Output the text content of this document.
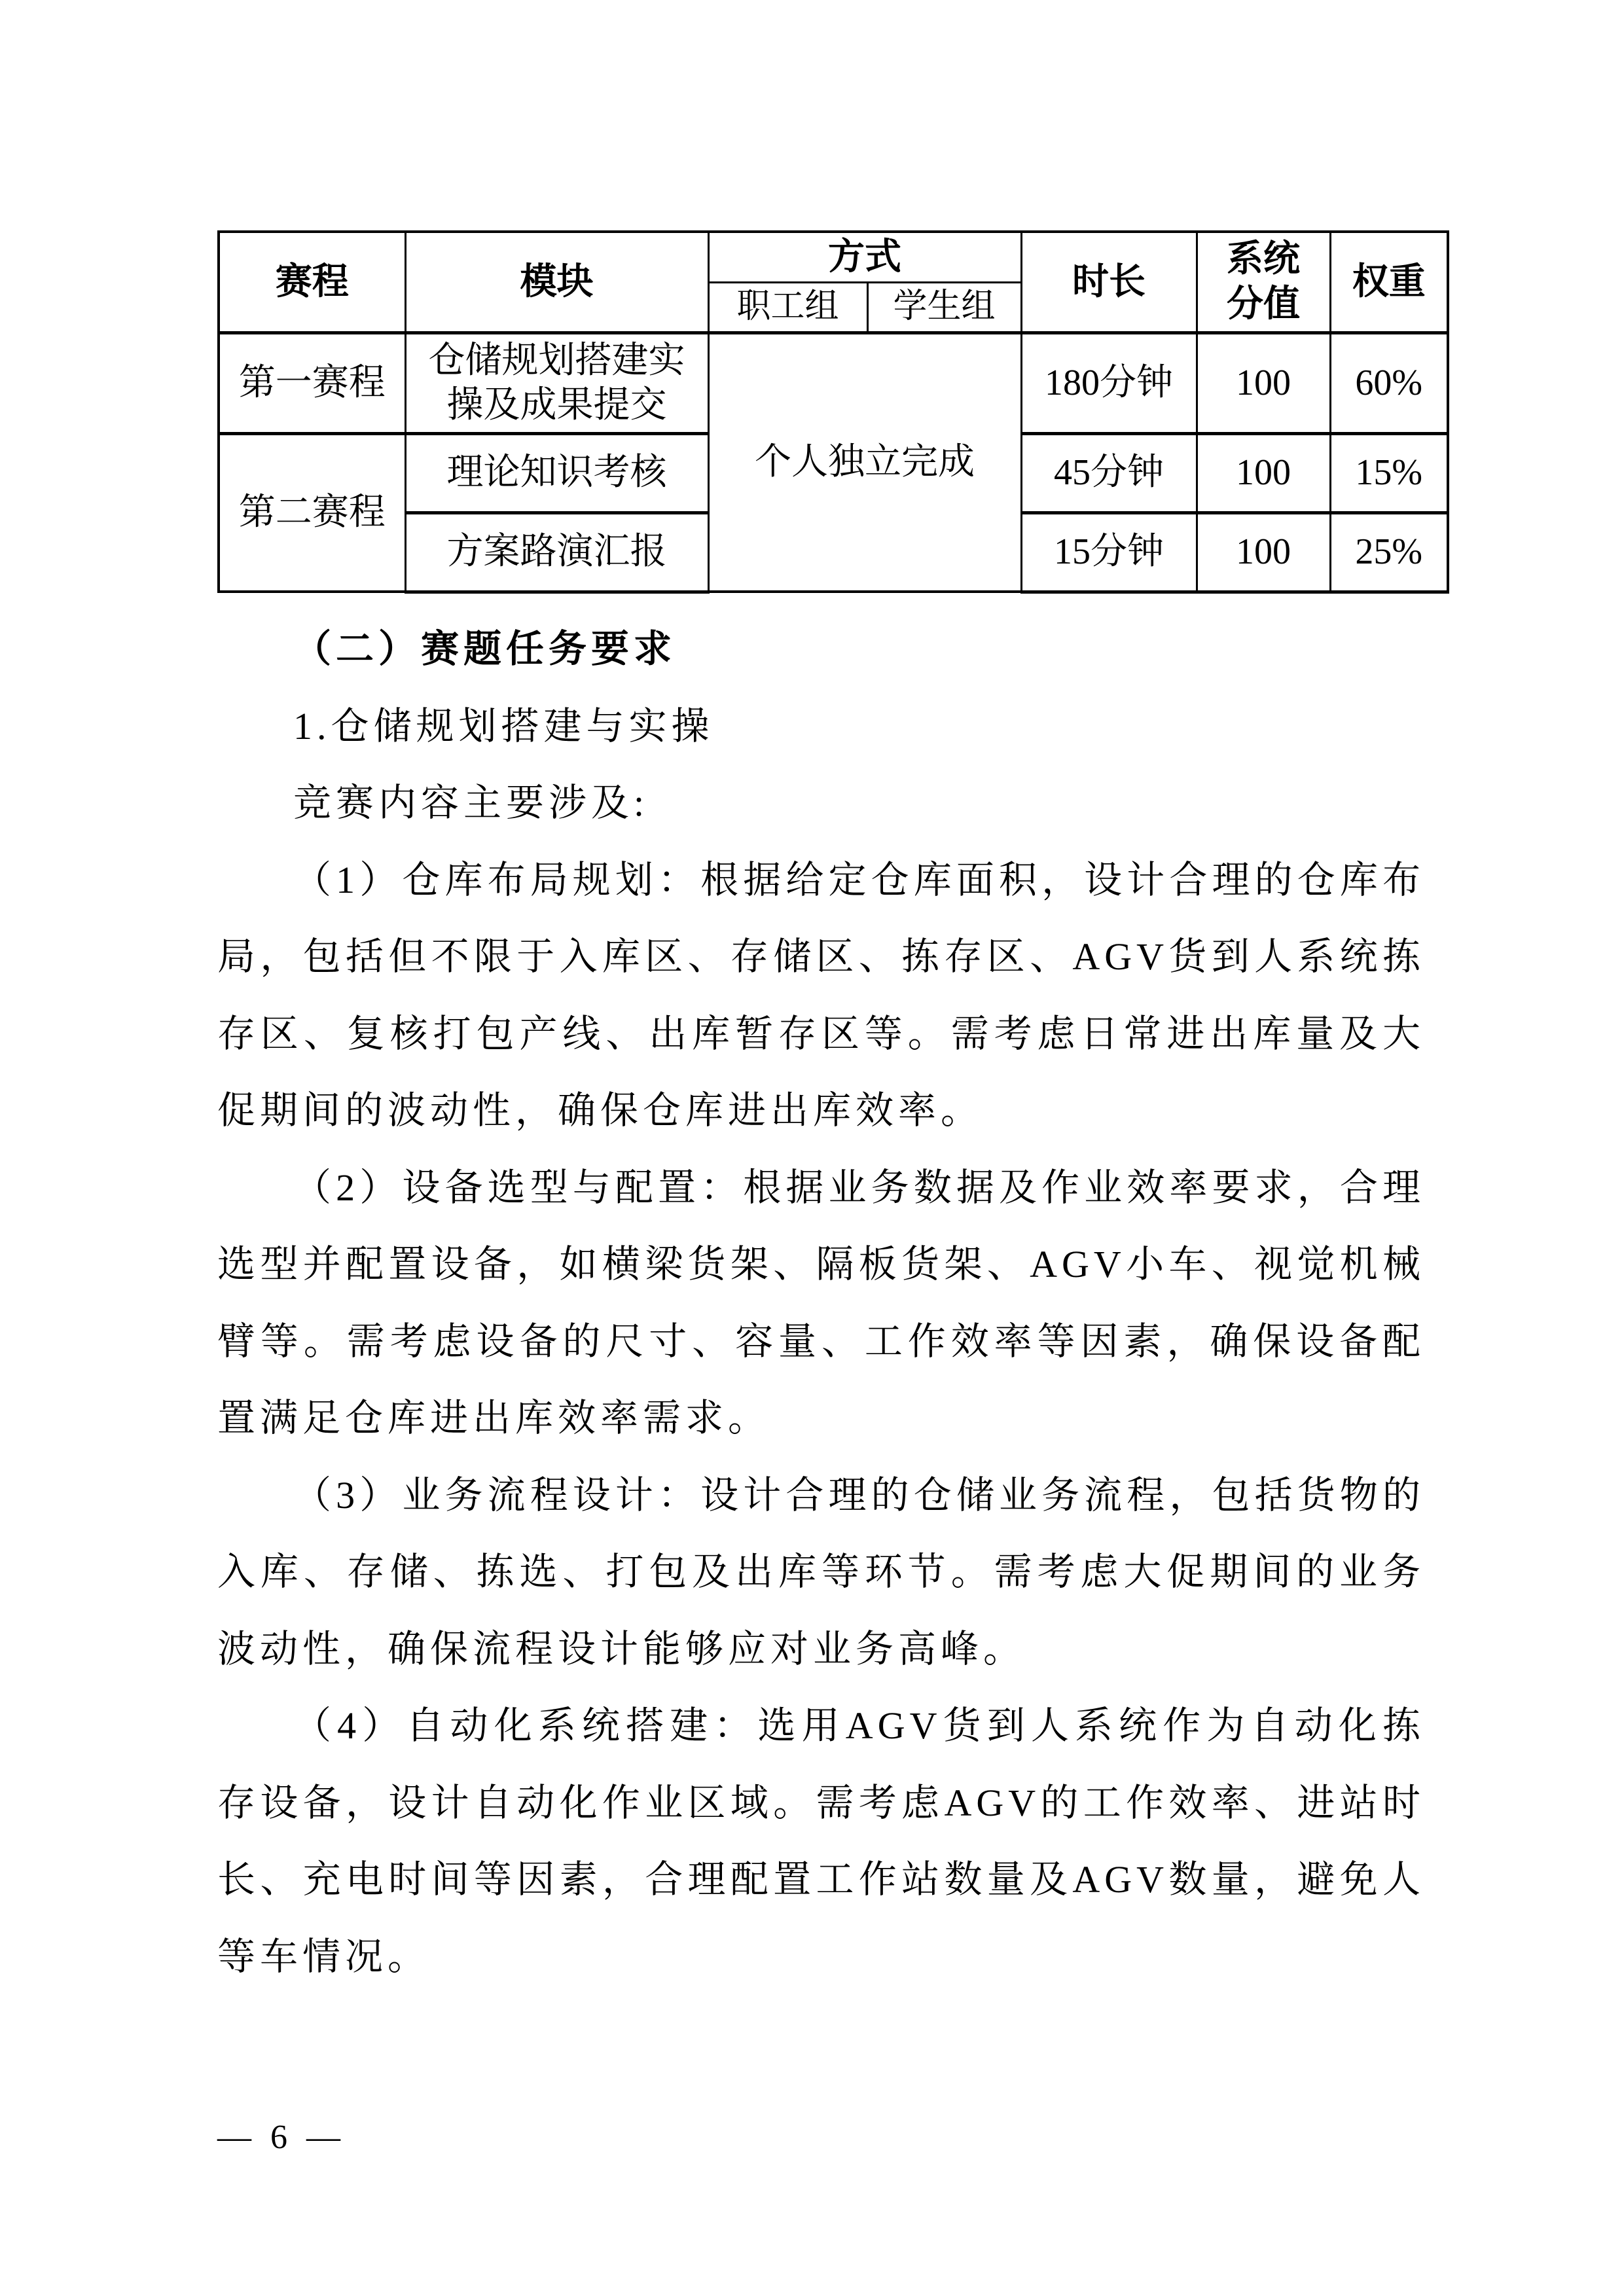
赛程	模块	方式		时长	系统分值	权重
		职工组	学生组			
第一赛程	仓储规划搭建实操及成果提交	个人独立完成		180分钟	100	60%
第二赛程	理论知识考核			45分钟	100	15%
	方案路演汇报			15分钟	100	25%

（二）赛题任务要求

1.仓储规划搭建与实操

竞赛内容主要涉及:

（1）仓库布局规划：根据给定仓库面积，设计合理的仓库布局，包括但不限于入库区、存储区、拣存区、AGV货到人系统拣存区、复核打包产线、出库暂存区等。需考虑日常进出库量及大促期间的波动性，确保仓库进出库效率。

（2）设备选型与配置：根据业务数据及作业效率要求，合理选型并配置设备，如横梁货架、隔板货架、AGV小车、视觉机械臂等。需考虑设备的尺寸、容量、工作效率等因素，确保设备配置满足仓库进出库效率需求。

（3）业务流程设计：设计合理的仓储业务流程，包括货物的入库、存储、拣选、打包及出库等环节。需考虑大促期间的业务波动性，确保流程设计能够应对业务高峰。

（4）自动化系统搭建：选用AGV货到人系统作为自动化拣存设备，设计自动化作业区域。需考虑AGV的工作效率、进站时长、充电时间等因素，合理配置工作站数量及AGV数量，避免人等车情况。

— 6 —
